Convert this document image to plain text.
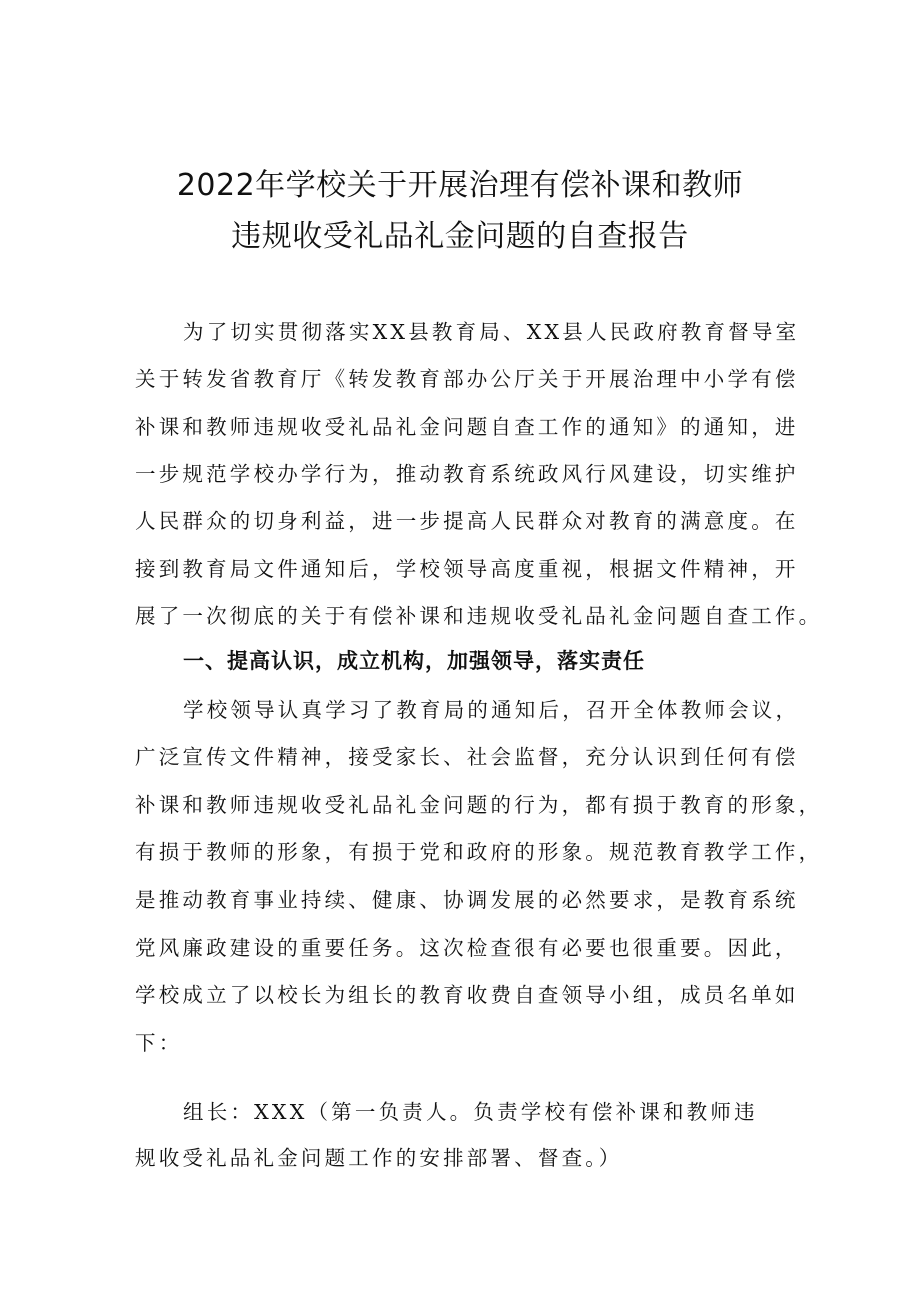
2022年学校关于开展治理有偿补课和教师
违规收受礼品礼金问题的自查报告
为了切实贯彻落实XX县教育局、XX县人民政府教育督导室
关于转发省教育厅《转发教育部办公厅关于开展治理中小学有偿
补课和教师违规收受礼品礼金问题自查工作的通知》的通知，进
一步规范学校办学行为，推动教育系统政风行风建设，切实维护
人民群众的切身利益，进一步提高人民群众对教育的满意度。在
接到教育局文件通知后，学校领导高度重视，根据文件精神，开
展了一次彻底的关于有偿补课和违规收受礼品礼金问题自查工作。
一、提高认识，成立机构，加强领导，落实责任
学校领导认真学习了教育局的通知后，召开全体教师会议，
广泛宣传文件精神，接受家长、社会监督，充分认识到任何有偿
补课和教师违规收受礼品礼金问题的行为，都有损于教育的形象，
有损于教师的形象，有损于党和政府的形象。规范教育教学工作，
是推动教育事业持续、健康、协调发展的必然要求，是教育系统
党风廉政建设的重要任务。这次检查很有必要也很重要。因此，
学校成立了以校长为组长的教育收费自查领导小组，成员名单如
下：
组长：XXX（第一负责人。负责学校有偿补课和教师违
规收受礼品礼金问题工作的安排部署、督查。）
